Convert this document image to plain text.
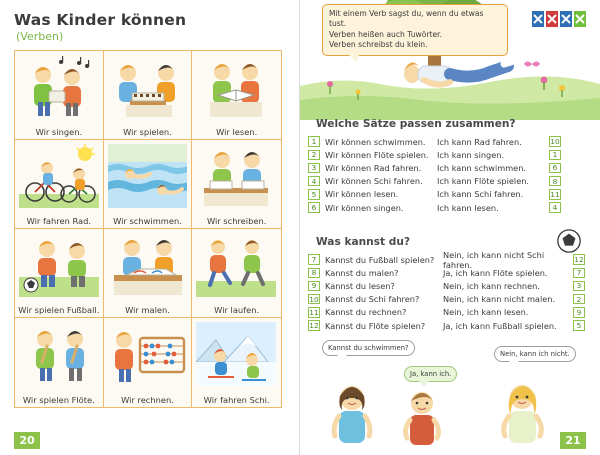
Was Kinder können
(Verben)
Wir singen.	Wir spielen.	Wir lesen.
Wir fahren Rad.	Wir schwimmen.	Wir schreiben.
Wir spielen Fußball.	Wir malen.	Wir laufen.
Wir spielen Flöte.	Wir rechnen.	Wir fahren Schi.
20
Mit einem Verb sagst du, wenn du etwas tust.
Verben heißen auch Tuwörter.
Verben schreibst du klein.
Welche Sätze passen zusammen?
1	Wir können schwimmen.	Ich kann Rad fahren.	10
2	Wir können Flöte spielen.	Ich kann singen.	1
3	Wir können Rad fahren.	Ich kann schwimmen.	6
4	Wir können Schi fahren.	Ich kann Flöte spielen.	8
5	Wir können lesen.	Ich kann Schi fahren.	11
6	Wir können singen.	Ich kann lesen.	4
Was kannst du?
7	Kannst du Fußball spielen?	Nein, ich kann nicht Schi fahren.	12
8	Kannst du malen?	Ja, ich kann Flöte spielen.	7
9	Kannst du lesen?	Nein, ich kann rechnen.	3
10 Kannst du Schi fahren?	Nein, ich kann nicht malen.	2
11 Kannst du rechnen?	Nein, ich kann lesen.	9
12 Kannst du Flöte spielen?	Ja, ich kann Fußball spielen.	5
Kannst du schwimmen?
Ja, kann ich.
Nein, kann ich nicht.
21
